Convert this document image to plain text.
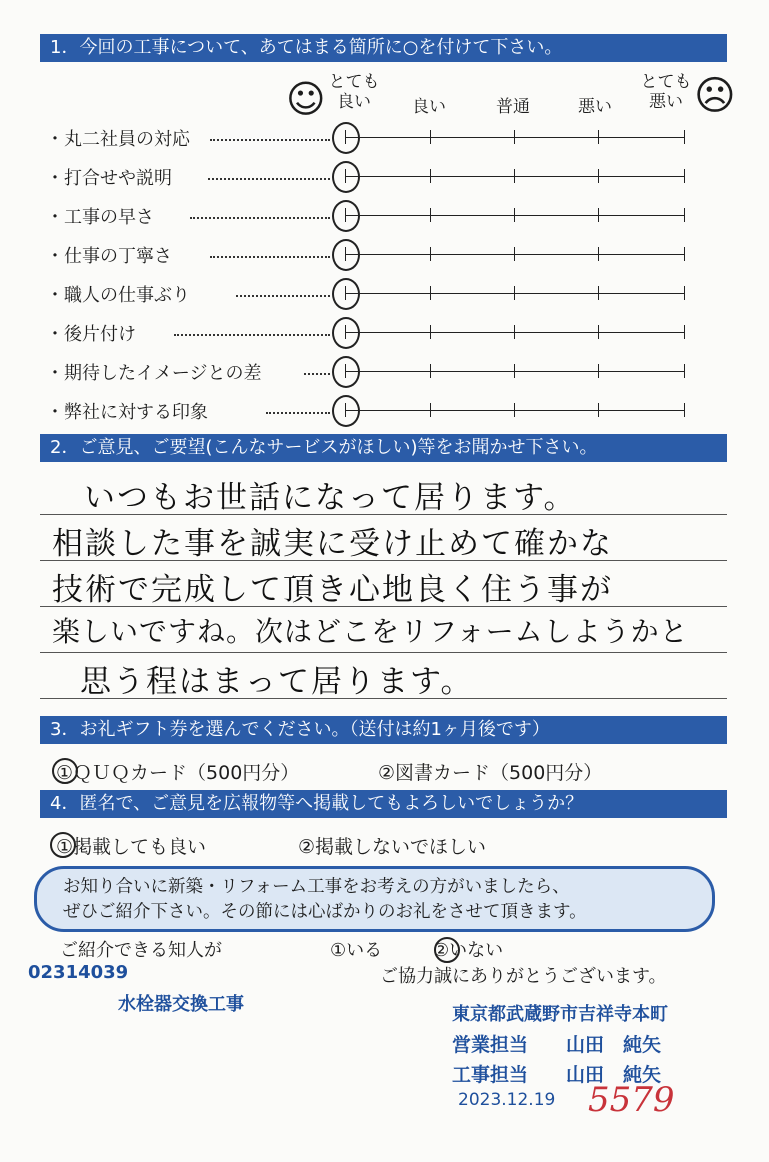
1．今回の工事について、あてはまる箇所に○を付けて下さい。
☺ とても
良い	良い	普通	悪い
とても
悪い ☹
・丸二社員の対応
・打合せや説明
・工事の早さ
・仕事の丁寧さ
・職人の仕事ぶり
・後片付け
・期待したイメージとの差
・弊社に対する印象
2．ご意見、ご要望(こんなサービスがほしい)等をお聞かせ下さい。
いつもお世話になって居ります。
相談した事を誠実に受け止めて確かな
技術で完成して頂き心地良く住う事が
楽しいですね。次はどこをリフォームしようかと
思う程はまって居ります。
3．お礼ギフト券を選んでください。（送付は約1ヶ月後です）
①ＱＵＱカード（500円分）	②図書カード（500円分）
4．匿名で、ご意見を広報物等へ掲載してもよろしいでしょうか？
①掲載しても良い	②掲載しないでほしい
お知り合いに新築・リフォーム工事をお考えの方がいましたら、
ぜひご紹介下さい。その節には心ばかりのお礼をさせて頂きます。
ご紹介できる知人が	①いる	②いない
ご協力誠にありがとうございます。
02314039
水栓器交換工事	東京都武蔵野市吉祥寺本町
営業担当 山田　純矢
工事担当 山田　純矢
2023.12.19 5579
